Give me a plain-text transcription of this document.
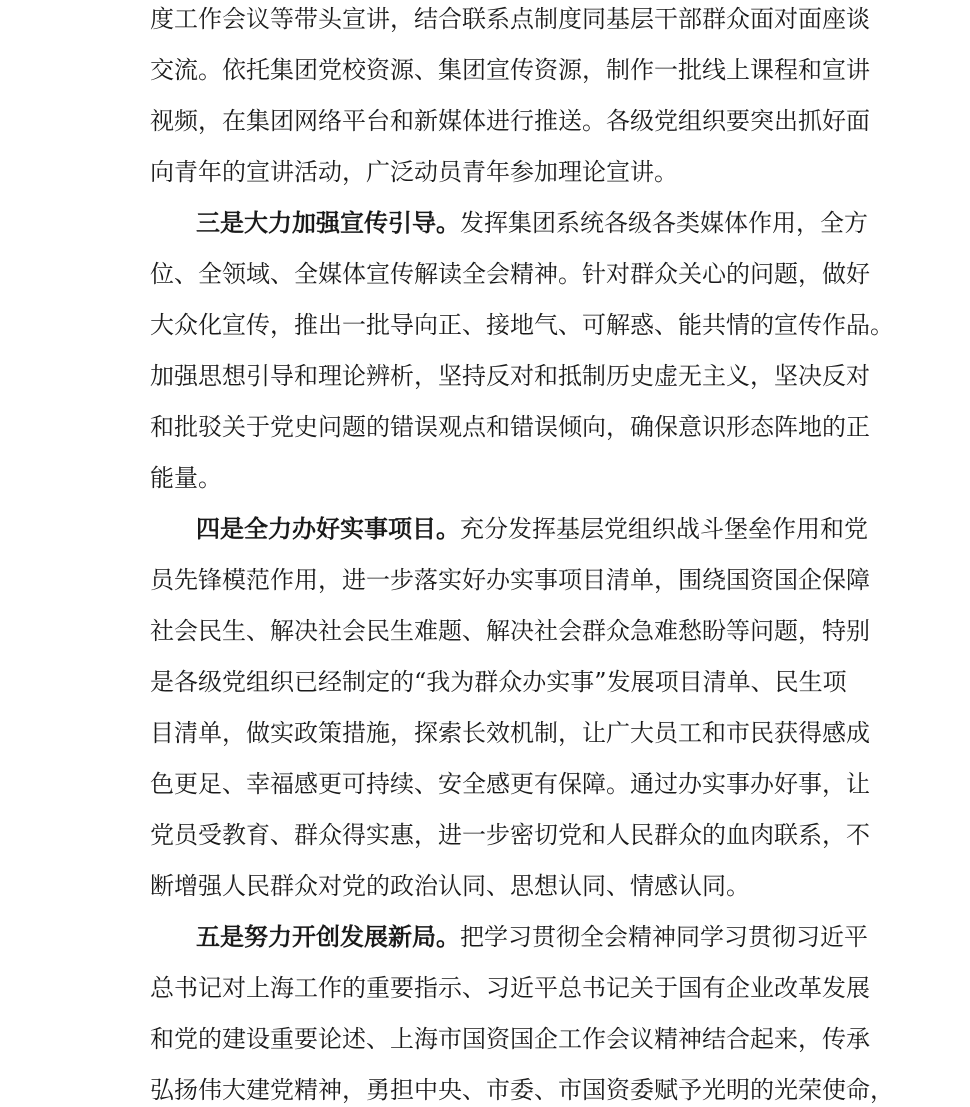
度 工 作 会 议 等 带 头 宣 讲 ， 结 合 联 系 点 制 度 同 基 层 干 部 群 众 面 对 面 座 谈
交 流 。 依 托 集 团 党 校 资 源 、 集 团 宣 传 资 源 ， 制 作 一 批 线 上 课 程 和 宣 讲
视 频 ， 在 集 团 网 络 平 台 和 新 媒 体 进 行 推 送 。 各 级 党 组 织 要 突 出 抓 好 面
向 青 年 的 宣 讲 活 动 ， 广 泛 动 员 青 年 参 加 理 论 宣 讲 。
三 是 大 力 加 强 宣 传 引 导 。 发 挥 集 团 系 统 各 级 各 类 媒 体 作 用 ， 全 方
位 、 全 领 域 、 全 媒 体 宣 传 解 读 全 会 精 神 。 针 对 群 众 关 心 的 问 题 ， 做 好
大 众 化 宣 传 ， 推 出 一 批 导 向 正 、 接 地 气 、 可 解 惑 、 能 共 情 的 宣 传 作 品 。
加 强 思 想 引 导 和 理 论 辨 析 ， 坚 持 反 对 和 抵 制 历 史 虚 无 主 义 ， 坚 决 反 对
和 批 驳 关 于 党 史 问 题 的 错 误 观 点 和 错 误 倾 向 ， 确 保 意 识 形 态 阵 地 的 正
能 量 。
四 是 全 力 办 好 实 事 项 目 。 充 分 发 挥 基 层 党 组 织 战 斗 堡 垒 作 用 和 党
员 先 锋 模 范 作 用 ， 进 一 步 落 实 好 办 实 事 项 目 清 单 ， 围 绕 国 资 国 企 保 障
社 会 民 生 、 解 决 社 会 民 生 难 题 、 解 决 社 会 群 众 急 难 愁 盼 等 问 题 ， 特 别
是 各 级 党 组 织 已 经 制 定 的 “ 我 为 群 众 办 实 事 ” 发 展 项 目 清 单 、 民 生 项
目 清 单 ， 做 实 政 策 措 施 ， 探 索 长 效 机 制 ， 让 广 大 员 工 和 市 民 获 得 感 成
色 更 足 、 幸 福 感 更 可 持 续 、 安 全 感 更 有 保 障 。 通 过 办 实 事 办 好 事 ， 让
党 员 受 教 育 、 群 众 得 实 惠 ， 进 一 步 密 切 党 和 人 民 群 众 的 血 肉 联 系 ， 不
断 增 强 人 民 群 众 对 党 的 政 治 认 同 、 思 想 认 同 、 情 感 认 同 。
五 是 努 力 开 创 发 展 新 局 。 把 学 习 贯 彻 全 会 精 神 同 学 习 贯 彻 习 近 平
总 书 记 对 上 海 工 作 的 重 要 指 示 、 习 近 平 总 书 记 关 于 国 有 企 业 改 革 发 展
和 党 的 建 设 重 要 论 述 、 上 海 市 国 资 国 企 工 作 会 议 精 神 结 合 起 来 ， 传 承
弘 扬 伟 大 建 党 精 神 ， 勇 担 中 央 、 市 委 、 市 国 资 委 赋 予 光 明 的 光 荣 使 命 ，
